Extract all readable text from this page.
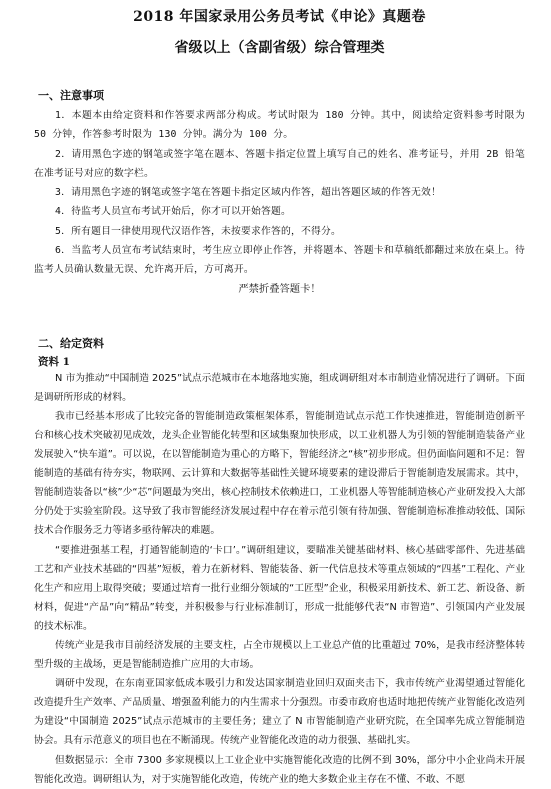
2018 年国家录用公务员考试《申论》真题卷
省级以上（含副省级）综合管理类
一、注意事项

1．本题本由给定资料和作答要求两部分构成。考试时限为 180 分钟。其中，阅读给定资料参考时限为 50 分钟，作答参考时限为 130 分钟。满分为 100 分。

2．请用黑色字迹的钢笔或签字笔在题本、答题卡指定位置上填写自己的姓名、准考证号，并用 2B 铅笔在准考证号对应的数字栏。

3．请用黑色字迹的钢笔或签字笔在答题卡指定区域内作答，超出答题区域的作答无效！

4．待监考人员宣布考试开始后，你才可以开始答题。

5．所有题目一律使用现代汉语作答，未按要求作答的，不得分。

6．当监考人员宣布考试结束时，考生应立即停止作答，并将题本、答题卡和草稿纸都翻过来放在桌上。待监考人员确认数量无误、允许离开后，方可离开。

严禁折叠答题卡！
二、给定资料
资料 1

N 市为推动“中国制造 2025”试点示范城市在本地落地实施，组成调研组对本市制造业情况进行了调研。下面是调研所形成的材料。

我市已经基本形成了比较完备的智能制造政策框架体系，智能制造试点示范工作快速推进，智能制造创新平台和核心技术突破初见成效，龙头企业智能化转型和区域集聚加快形成，以工业机器人为引领的智能制造装备产业发展驶入“快车道”。可以说，在以智能制造为重心的方略下，智能经济之“核”初步形成。但仍面临问题和不足：智能制造的基础有待夯实，物联网、云计算和大数据等基础性关键环境要素的建设滞后于智能制造发展需求。其中，智能制造装备以“核”少“芯”问题最为突出，核心控制技术依赖进口，工业机器人等智能制造核心产业研发投入大部分仍处于实验室阶段。这导致了我市智能经济发展过程中存在着示范引领有待加强、智能制造标准推动较低、国际技术合作服务乏力等诸多亟待解决的难题。

“要推进强基工程，打通智能制造的‘卡口’。”调研组建议，要瞄准关键基础材料、核心基础零部件、先进基础工艺和产业技术基础的“四基”短板，着力在新材料、智能装备、新一代信息技术等重点领域的“四基”工程化、产业化生产和应用上取得突破；要通过培育一批行业细分领域的“工匠型”企业，积极采用新技术、新工艺、新设备、新材料，促进“产品”向“精品”转变，并积极参与行业标准制订，形成一批能够代表“N 市智造”、引领国内产业发展的技术标准。

传统产业是我市目前经济发展的主要支柱，占全市规模以上工业总产值的比重超过 70%，是我市经济整体转型升级的主战场，更是智能制造推广应用的大市场。

调研中发现，在东南亚国家低成本吸引力和发达国家制造业回归双面夹击下，我市传统产业渴望通过智能化改造提升生产效率、产品质量、增强盈利能力的内生需求十分强烈。市委市政府也适时地把传统产业智能化改造列为建设“中国制造 2025”试点示范城市的主要任务；建立了 N 市智能制造产业研究院，在全国率先成立智能制造协会。具有示范意义的项目也在不断涌现。传统产业智能化改造的动力很强、基础扎实。

但数据显示：全市 7300 多家规模以上工业企业中实施智能化改造的比例不到 30%，部分中小企业尚未开展智能化改造。调研组认为，对于实施智能化改造，传统产业的绝大多数企业主存在不懂、不敢、不愿
